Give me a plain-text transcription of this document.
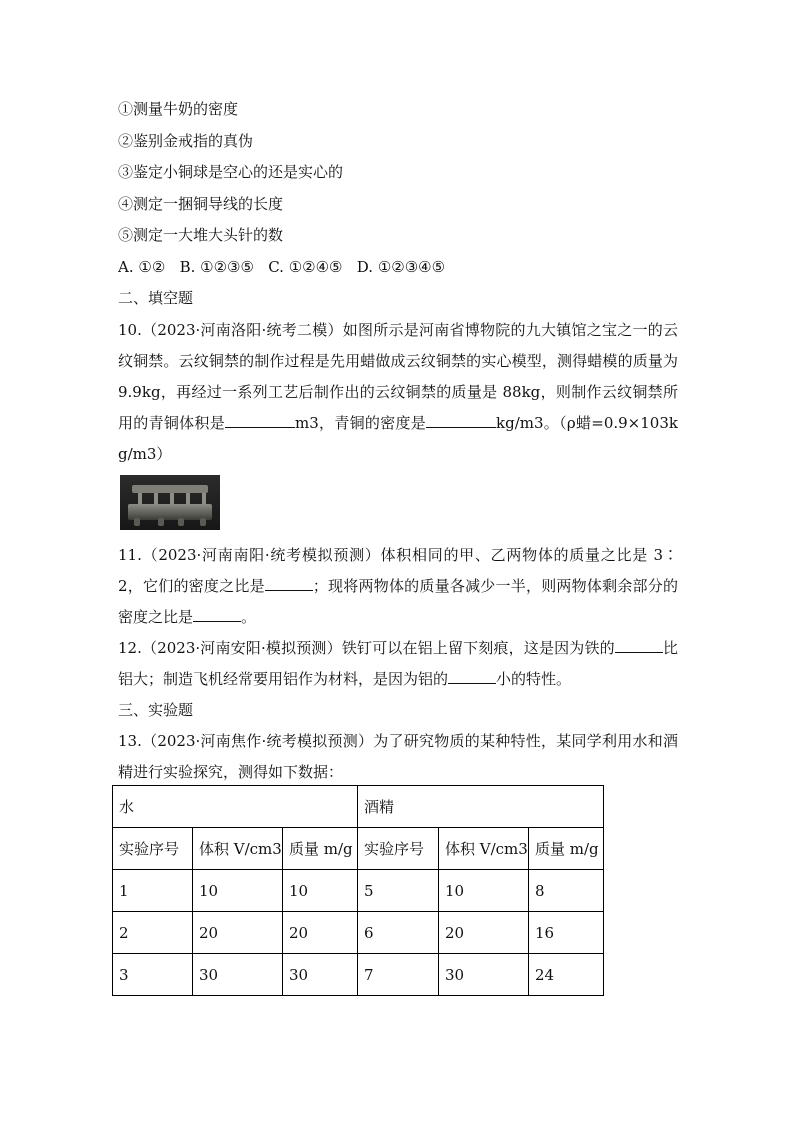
①测量牛奶的密度
②鉴别金戒指的真伪
③鉴定小铜球是空心的还是实心的
④测定一捆铜导线的长度
⑤测定一大堆大头针的数
A. ①②   B. ①②③⑤   C. ①②④⑤   D. ①②③④⑤
二、填空题
10.（2023·河南洛阳·统考二模）如图所示是河南省博物院的九大镇馆之宝之一的云纹铜禁。云纹铜禁的制作过程是先用蜡做成云纹铜禁的实心模型，测得蜡模的质量为 9.9kg，再经过一系列工艺后制作出的云纹铜禁的质量是 88kg，则制作云纹铜禁所用的青铜体积是	m3，青铜的密度是	kg/m3。（ρ蜡=0.9×103kg/m3）
11.（2023·河南南阳·统考模拟预测）体积相同的甲、乙两物体的质量之比是 3∶2，它们的密度之比是	；现将两物体的质量各减少一半，则两物体剩余部分的密度之比是	。
12.（2023·河南安阳·模拟预测）铁钉可以在铝上留下刻痕，这是因为铁的	比铝大；制造飞机经常要用铝作为材料，是因为铝的	小的特性。
三、实验题
13.（2023·河南焦作·统考模拟预测）为了研究物质的某种特性，某同学利用水和酒精进行实验探究，测得如下数据：
水			酒精		
实验序号	体积 V/cm3	质量 m/g	实验序号	体积 V/cm3	质量 m/g
1	10	10	5	10	8
2	20	20	6	20	16
3	30	30	7	30	24
